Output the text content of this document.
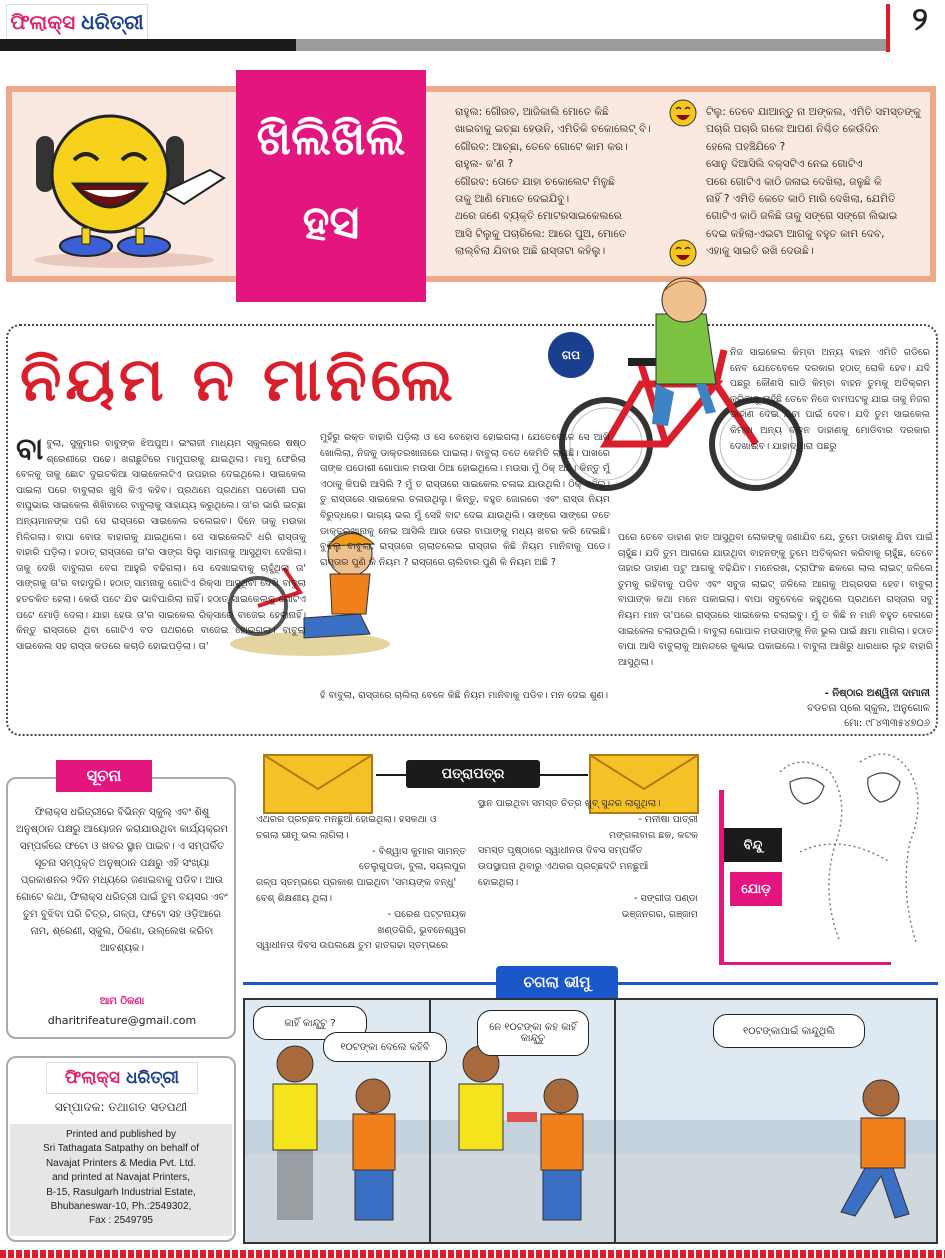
ଫିଲାକ୍ସ ଧରିତ୍ରୀ	୨
ଖିଲିଖିଲି
ହସ
ରାହୁଲ: ଗୌରବ, ଆଜିକାଲି ମୋତେ କିଛି
ଖାଇବାକୁ ଇଚ୍ଛା ହେଉନି, ଏମିତିକି ଚକୋଲେଟ୍ ବି।
ଗୌରବ: ଆଚ୍ଛା, ତେବେ ଗୋଟେ କାମ କର।
ରାହୁଲ- କ'ଣ ?
ଗୌରବ: ତୋତେ ଯାହା ଚକୋଲେଟ ମିଳୁଛି
ତାକୁ ଆଣି ମୋତେ ଦେଇଯିବୁ।
ଥରେ ଜଣେ ବ୍ୟକ୍ତି ମୋଟରସାଇକେଲରେ
ଆସି ଟିଲୁକୁ ପଚାରିଲେ: ଆରେ ପୁଅ, ମୋତେ
ଲାଲ୍‌ବିଲା ଯିବାର ଅଛି ରାସ୍ତାଟା କହିଲୁ।
ଟିଲୁ: ତେବେ ଯାଆନ୍ତୁ ନା ଅଙ୍କଲ, ଏମିତି ସମସ୍ତଙ୍କୁ
ପଚାରି ପଚାରି ଗଲେ ଆପଣ ନିଶ୍ଚିତ କେଉଁଦିନ
ହେଲେ ପହଞ୍ଚିଯିବେ ?
ସୋନୁ ଦିଆସିଲି ବକ୍ସଟିଏ ନେଇ ଗୋଟିଏ
ପରେ ଗୋଟିଏ କାଠି ଜଳାଇ ଦେଖିଲା, ଜଳୁଛି କି
ନାହିଁ ? ଏମିତି କେତେ କାଠି ମାରି ଦେଖିଲା, ଯେମିତି
ଗୋଟିଏ କାଠି ଜଳିଛି ତାକୁ ସଙ୍ଗେ ସଙ୍ଗେ ଲିଭାଇ
ଦେଇ କହିଲା-ଏଇଟା ଆଗକୁ ବହୁତ କାମ ଦେବ,
ଏହାକୁ ସାଇତି ରଖି ଦେଉଛି।
ନିୟମ ନ ମାନିଲେ	ଗପ
ବା ବୁଲା, ସୁକୁମାର ବାବୁଙ୍କ ଝିଅପୁଅ। ଇଂରାଜୀ ମାଧ୍ୟମ ସ୍କୁଲରେ ଷଷ୍ଠ ଶ୍ରେଣୀରେ ପଢେ। ଖରାଛୁଟିରେ ମାମୁଘରକୁ ଯାଇଥିଲା। ମାମୁ ଫେରିଲା ବେଳକୁ ତାକୁ ଛୋଟ ଦୁଇଚକିଆ ସାଇକେଲଟିଏ ଉପହାର ଦେଇଥିଲେ। ସାଇକେଲ ପାଇଲା ପରେ ବାବୁଲାର ଖୁସି କିଏ କହିବ। ପ୍ରଥମେ ପ୍ରଥମେ ପଡୋଶୀ ଘର ବାପୁଭାଇ ସାଇକେଲ ଶିଖିବାରେ ବାବୁଲାକୁ ସାହାଯ୍ୟ କରୁଥିଲେ। ତା'ର ଭାରି ଇଚ୍ଛା ଅନ୍ୟମାନଙ୍କ ପରି ସେ ରାସ୍ତାରେ ସାଇକେଲ ଚଲେଇବ। ଦିନେ ତାକୁ ମଉକା ମିଳିଗଲା। ବାପା ବୋଉ ବାହାରକୁ ଯାଇଥିଲେ। ସେ ସାଇକେଲଟି ଧରି ରାସ୍ତାକୁ ବାହାରି ପଡ଼ିଲା। ହଠାତ୍ ରାସ୍ତାରେ ତା'ର ସାଙ୍ଗ ସିଲୁ ସାମନାକୁ ଆସୁଥିବା ଦେଖିଲା। ତାକୁ ଦେଖି ବାବୁଲାର ବେଗ ଆହୁରି ବଢିଗଲା। ସେ ଦେଖାଇବାକୁ ଚାହୁଁଥିଲା ତା' ସାଙ୍ଗକୁ ତା'ର ବାହାଦୁରି। ହଠାତ୍ ସାମନାକୁ ଗୋଟିଏ ରିକ୍ସା ଆସୁଥିବା ଦେଖି ବାବୁଲା ହତଚକିତ ହେଲା। କେଉଁ ପଟେ ଯିବ ଭାବିପାରିଲା ନାହିଁ। ହଠାତ୍ ସାଇକେଲକୁ ଗୋଟିଏ ପଟେ ମୋଡ଼ି ଦେଲା। ଯାହା ହେଉ ତା'ର ସାଇକେଲ ରିକ୍ସାରେ ବାଜେଇ ହେଲାନାହିଁ। କିନ୍ତୁ ରାସ୍ତାରେ ଥିବା ଗୋଟିଏ ବଡ ପଥରରେ ବାଜେଇ ହୋଇଗଲା। ବାବୁଲା ସାଇକେଲ ସହ ରାସ୍ତା କଡରେ କଚାଡି ହୋଇପଡ଼ିଲା। ତା'
ମୁହଁରୁ ରକ୍ତ ବାହାରି ପଡ଼ିଲା ଓ ସେ ବେହୋସ ହୋଇଗଲା। ଯେତେବେଳେ ସେ ଆଖି ଖୋଲିଲା, ନିଜକୁ ଡାକ୍ତରଖାନାରେ ପାଇଲା। ବାବୁଲା ତତେ କେମିତି ଲାଗୁଛି। ପାଖରେ ତାଙ୍କ ପଡୋଶୀ ଗୋପାଳ ମଉସା ଠିଆ ହୋଇଥିଲେ। ମଉସା ମୁଁ ଠିକ୍ ଅଛି। କିନ୍ତୁ ମୁଁ ଏଠାକୁ କିପରି ଆସିଲି ? ମୁଁ ତ ରାସ୍ତାରେ ସାଇକେଲ ଚଳାଇ ଯାଉଥିଲି। ଠିକ୍ କହିଲୁ। ତୁ ରାସ୍ତାରେ ସାଇକେଲ ଚଳାଉଥିଲୁ। କିନ୍ତୁ, ବହୁତ ଜୋରରେ ଏବଂ ରାସ୍ତା ନିୟମ ବିରୁଦ୍ଧରେ। ଭାଗ୍ୟ ଭଲ ମୁଁ ସେହି ବାଟ ଦେଇ ଯାଉଥିଲି। ସାଙ୍ଗେ ସାଙ୍ଗେ ତତେ ଡାକ୍ତରଖାନାକୁ ନେଇ ଆସିଲି ଆଉ ତୋର ବାପାଙ୍କୁ ମଧ୍ୟ ଖବର କରି ଦେଇଛି। ବୁଝିଲୁ ବାବୁଲା, ରାସ୍ତାରେ ଚାଲାଚଲେଇ ରାସ୍ତାର କିଛି ନିୟମ ମାନିବାକୁ ପଡେ। ରାସ୍ତାର ପୁଣି କି ନିୟମ ? ରାସ୍ତାରେ ଚାଲିବାର ପୁଣି କି ନିୟମ ଅଛି ?
ହଁ ବାବୁଲା, ରାସ୍ତାରେ ଚାଲିଲା ବେଳେ କିଛି ନିୟମ ମାନିବାକୁ ପଡିବ। ମନ ଦେଇ ଶୁଣ।
ନିଜ ସାଇକେଲ କିମ୍ବା ଅନ୍ୟ ବାହନ ଏମିତି ଗଡିରେ ନେବ ଯେତେବେଳେ ଦରକାର ହଠାତ୍ ରୋକି ହେବ। ଯଦି ପଛରୁ କୌଣସି ଗାଡି କିମ୍ବା ବାହନ ତୁମକୁ ଅତିକ୍ରମ କରିବାକୁ ଚାହୁଁଛି ତେବେ ନିଜେ ବାମପଟକୁ ଯାଇ ତାକୁ ନିଜର ଡାହାଣ ଦେଇ ଯିବା ପାଇଁ ଦେବ। ଯଦି ତୁମ ସାଇକେଲ କିମ୍ବା ଅନ୍ୟ ବାହନ ଡାହାଣକୁ ମୋଡିବାର ଦରକାର ଦେଖାଇବ। ଯାହାଦ୍ୱାରା ପଛରୁ
ପରେ ତେବେ ଡାହାଣ ହାତ ଆସୁଥିବା ଲୋକଙ୍କୁ ଜଣାଯିବ ଯେ, ତୁମେ ଡାହାଣକୁ ଯିବା ପାଇଁ ଚାହୁଁଛ। ଯଦି ତୁମ ଆଗରେ ଯାଉଥିବା ବାହନଙ୍କୁ ତୁମେ ଅତିକ୍ରମ କରିବାକୁ ଚାହୁଁଛ, ତେବେ ତାହାର ଡାହାଣ ପଟୁ ଆଗକୁ ବଢିଯିବ। ମନେରଖ, ଟ୍ରାଫିକ ଛକରେ ଲାଲ ଲାଇଟ୍ ଜଳିଲେ ତୁମକୁ ରହିବାକୁ ପଡିବ ଏବଂ ସବୁଜ ଲାଇଟ୍ ଜଳିଲେ ଆଗକୁ ଅଗ୍ରସର ହେବ। ବାବୁଲା ବାପାଙ୍କ କଥା ମନେ ପକାଇଲା। ବାପା ସବୁବେଳେ କହୁଥିଲେ ପ୍ରଥମେ ରାସ୍ତାର ସବୁ ନିୟମ ମାନ ତା'ପରେ ରାସ୍ତାରେ ସାଇକେଲ ଚଲାଇବୁ। ମୁଁ ତ କିଛି ନ ମାନି ବହୁତ ବେଗରେ ସାଇକେଲ ଚଲାଉଥିଲି। ବାବୁଲା ଗୋପାଳ ମଉସାଙ୍କୁ ନିଜ ଭୁଲ ପାଇଁ କ୍ଷମା ମାଗିଲା। ହଠାତ ବାପା ଆସି ବାବୁଲାକୁ ଆନନ୍ଦରେ କୁଣ୍ଢାଇ ପକାଇଲେ। ବାବୁଲା ଆଖିରୁ ଧାରଧାର ଲୁହ ବାହାରି ଆସୁଥିଲା।
- ନିଷ୍ଠାର ଅଶ୍ୱିନୀ ଦାମାନୀ
ବଡଚନା ପ୍ଲେ ସ୍କୁଲ, ଅନୁଗୋଳ
ମୋ: ୯୮୪୩୩୫୪୭୦୬
ସୂଚନା
ଫିଲାକ୍ସ ଧରିତ୍ରୀରେ ବିଭିନ୍ନ ସ୍କୁଲ୍ ଏବଂ ଶିଶୁ ଅନୁଷ୍ଠାନ ପକ୍ଷରୁ ଆୟୋଜନ କରାଯାଉଥିବା କାର୍ଯ୍ୟକ୍ରମ ସମ୍ପର୍କରେ ଫଟୋ ଓ ଖବର ସ୍ଥାନ ପାଇବ। ଏ ସମ୍ପର୍କିତ ସୂଚନା ସମ୍ପୃକ୍ତ ଅନୁଷ୍ଠାନ ପକ୍ଷରୁ ଏହି ସଂଖ୍ୟା ପ୍ରକାଶନର ୨ଦିନ ମଧ୍ୟରେ ଜଣାଇବାକୁ ପଡିବ। ଆଉ ଗୋଟେ କଥା, ଫିଲାକ୍ସ ଧରିତ୍ରୀ ପାଇଁ ତୁମ ବୟସର ଏବଂ ତୁମ ବୁଝିବା ପରି ଚିତ୍ର, ଗଳ୍ପ, ଫଟୋ ସହ ଓଡ଼ିଆରେ ନାମ, ଶ୍ରେଣୀ, ସ୍କୁଲ, ଠିକଣା, ଉଲ୍ଲେଖ କରିବା ଆବଶ୍ୟକ।
ଆମ ଠିକଣା
dharitrifeature@gmail.com
ଫିଲାକ୍ସ ଧରିତ୍ରୀ
ସମ୍ପାଦକ: ତଥାଗତ ସତପଥୀ
Printed and published by
Sri Tathagata Satpathy on behalf of
Navajat Printers & Media Pvt. Ltd.
and printed at Navajat Printers,
B-15, Rasulgarh Industrial Estate,
Bhubaneswar-10, Ph.:2549302,
Fax : 2549795
ପତ୍ରାପତ୍ର
ଏଥରର ପ୍ରଚ୍ଛଦ ମନଛୁଆଁ ହୋଇଥିଲା। ହସକଥା ଓ
ଚଗଲା ଭୀମୁ ଭଲ ଲାଗିଲା।
- ବିଶ୍ୱାସ କୁମାର ସାମନ୍ତ
ତେଲୁଗୁପଡା, ବୁଲା, ସୟଲପୁର
ଗଳ୍ପ ସ୍ତମ୍ଭରେ ପ୍ରକାଶ ପାଇଥିବା 'ସମୟଙ୍କ ବନ୍ଧୁ'
ବେଶ୍ ଶିକ୍ଷଣୀୟ ଥିଲା।
- ପରେଶ ପଟ୍ଟନାୟକ
ଖଣ୍ଡଗିରି, ଭୁବନେଶ୍ୱର
ସ୍ୱାଧୀନତା ଦିବସ ଉପଲକ୍ଷେ ତୁମ ହାତଗଢା ସ୍ତମ୍ଭରେ
ସ୍ଥାନ ପାଇଥିବା ସମସ୍ତ ଚିତ୍ର ଖୁବ୍ ସୁନ୍ଦର ଲାଗୁଥିଲା।
- ମନୀଷା ପାତ୍ରୀ
ମଙ୍ଗଳାବାଗ ଛକ, କଟକ
ସମସ୍ତ ପୃଷ୍ଠାରେ ସ୍ୱାଧୀନତା ଦିବସ ସମ୍ପର୍କିତ
ଉପସ୍ଥାପନା ଥିବାରୁ ଏଥରର ପ୍ରଚ୍ଛଦଟି ମନଛୁଆଁ
ହୋଇଥିଲା।
- ସଙ୍ଗୀତା ପଣ୍ଡା
ଭଞ୍ଜନଗର, ଗଞ୍ଜାମ
ବିନ୍ଦୁ
ଯୋଡ଼
ଚଗଲା ଭୀମୁ
କାହିଁ କାନ୍ଦୁଚୁ ?
୧୦ଟଙ୍କା ଦେଲେ କହିବି
ନେ ୧୦ଟଙ୍କା କହ କାହିଁ କାନ୍ଦୁଚୁ
୧୦ଟଙ୍କାପାଇଁ କାନ୍ଦୁଥିଲି
